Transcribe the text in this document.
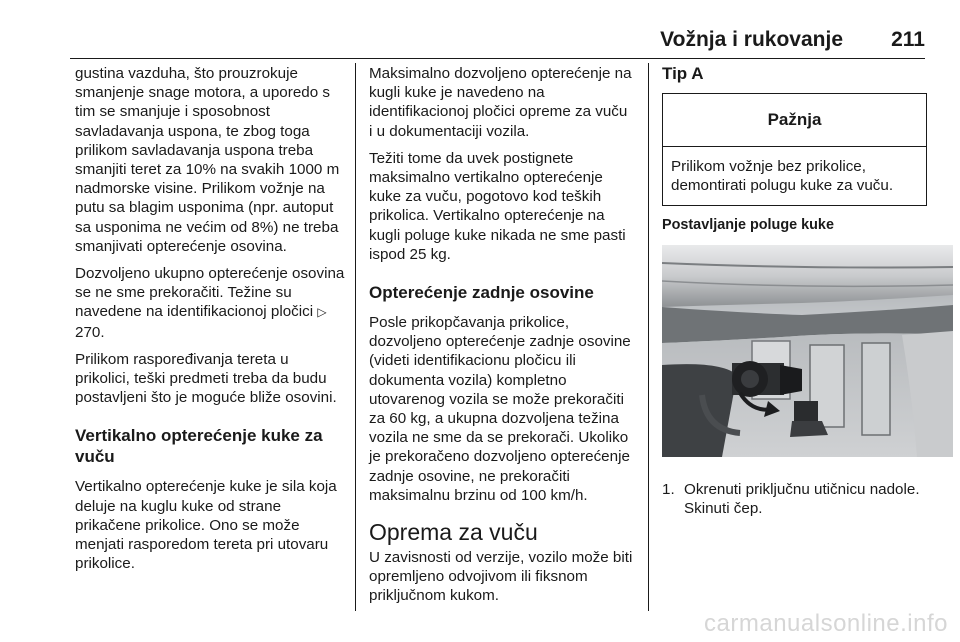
Vožnja i rukovanje 211

gustina vazduha, što prouzrokuje smanjenje snage motora, a uporedo s tim se smanjuje i sposobnost savladavanja uspona, te zbog toga prilikom savladavanja uspona treba smanjiti teret za 10% na svakih 1000 m nadmorske visine. Prilikom vožnje na putu sa blagim usponima (npr. autoput sa usponima ne većim od 8%) ne treba smanjivati opterećenje osovina.

Dozvoljeno ukupno opterećenje osovina se ne sme prekoračiti. Težine su navedene na identifikacionoj pločici ▷ 270.

Prilikom raspoređivanja tereta u prikolici, teški predmeti treba da budu postavljeni što je moguće bliže osovini.

Vertikalno opterećenje kuke za vuču

Vertikalno opterećenje kuke je sila koja deluje na kuglu kuke od strane prikačene prikolice. Ono se može menjati rasporedom tereta pri utovaru prikolice.

Maksimalno dozvoljeno opterećenje na kugli kuke je navedeno na identifikacionoj pločici opreme za vuču i u dokumentaciji vozila.

Težiti tome da uvek postignete maksimalno vertikalno opterećenje kuke za vuču, pogotovo kod teških prikolica. Vertikalno opterećenje na kugli poluge kuke nikada ne sme pasti ispod 25 kg.

Opterećenje zadnje osovine

Posle prikopčavanja prikolice, dozvoljeno opterećenje zadnje osovine (videti identifikacionu pločicu ili dokumenta vozila) kompletno utovarenog vozila se može prekoračiti za 60 kg, a ukupna dozvoljena težina vozila ne sme da se prekorači. Ukoliko je prekoračeno dozvoljeno opterećenje zadnje osovine, ne prekoračiti maksimalnu brzinu od 100 km/h.

Oprema za vuču

U zavisnosti od verzije, vozilo može biti opremljeno odvojivom ili fiksnom priključnom kukom.

Tip A
Pažnja
Prilikom vožnje bez prikolice, demontirati polugu kuke za vuču.
Postavljanje poluge kuke
1. Okrenuti priključnu utičnicu nadole. Skinuti čep.
carmanualsonline.info
